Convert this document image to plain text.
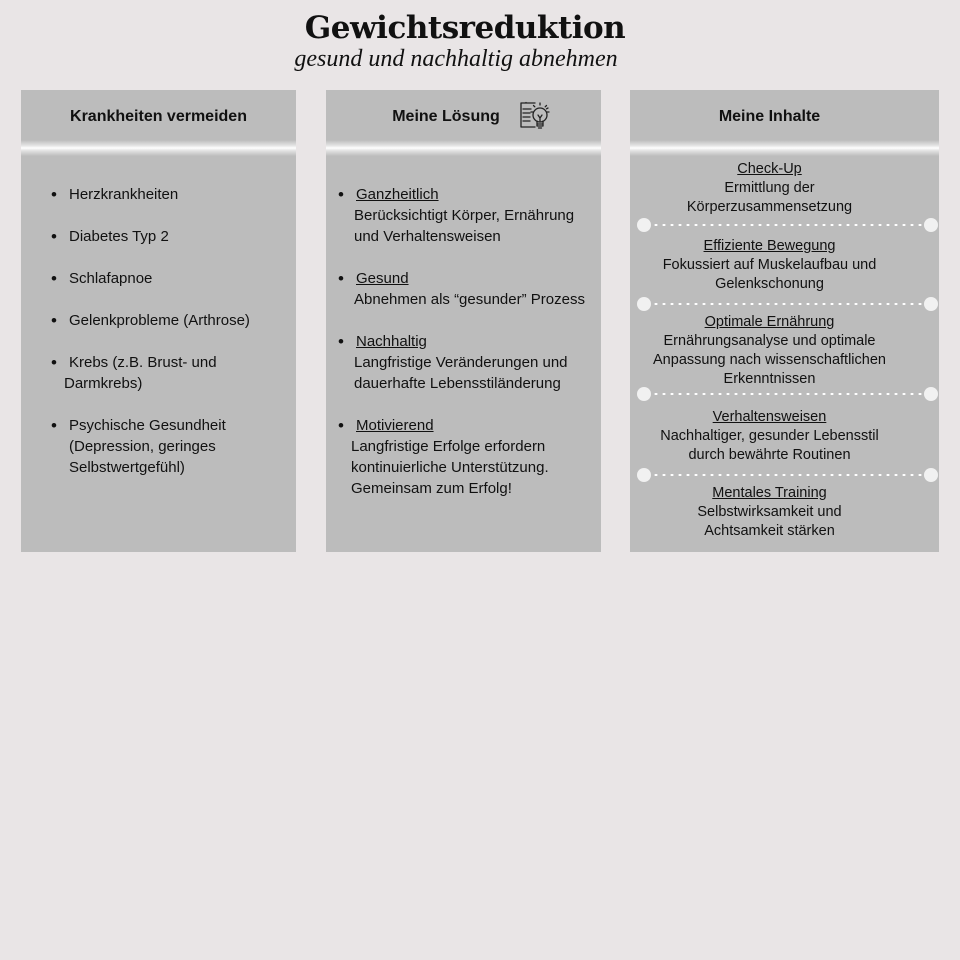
Gewichtsreduktion
gesund und nachhaltig abnehmen
Krankheiten vermeiden
• Herzkrankheiten
• Diabetes Typ 2
• Schlafapnoe
• Gelenkprobleme (Arthrose)
• Krebs (z.B. Brust- und
Darmkrebs)
• Psychische Gesundheit
(Depression, geringes
Selbstwertgefühl)
Meine Lösung
• Ganzheitlich
Berücksichtigt Körper, Ernährung
und Verhaltensweisen
• Gesund
Abnehmen als “gesunder” Prozess
• Nachhaltig
Langfristige Veränderungen und
dauerhafte Lebensstiländerung
• Motivierend
Langfristige Erfolge erfordern
kontinuierliche Unterstützung.
Gemeinsam zum Erfolg!
Meine Inhalte
Check-Up
Ermittlung der
Körperzusammensetzung
Effiziente Bewegung
Fokussiert auf Muskelaufbau und
Gelenkschonung
Optimale Ernährung
Ernährungsanalyse und optimale
Anpassung nach wissenschaftlichen
Erkenntnissen
Verhaltensweisen
Nachhaltiger, gesunder Lebensstil
durch bewährte Routinen
Mentales Training
Selbstwirksamkeit und
Achtsamkeit stärken
